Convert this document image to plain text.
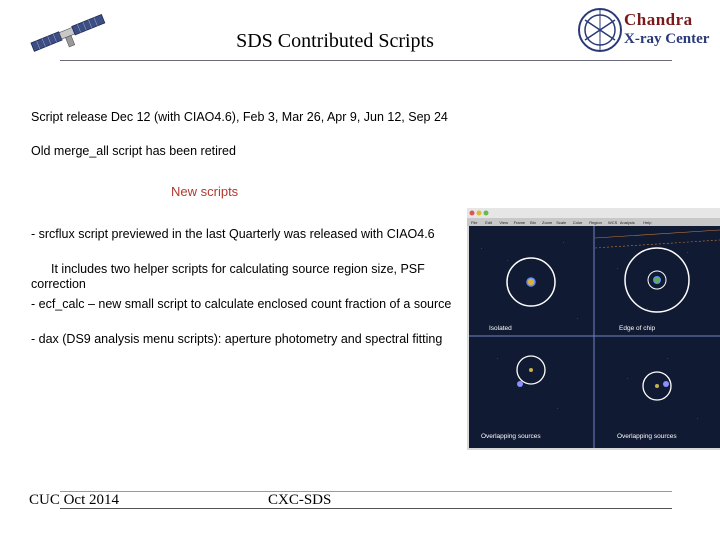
SDS Contributed Scripts
Chandra
X-ray Center
Script release Dec 12 (with CIAO4.6), Feb 3, Mar 26, Apr 9, Jun 12, Sep 24
Old merge_all script has been retired
New scripts
- srcflux script previewed in the last Quarterly was released with CIAO4.6
It includes two helper scripts for calculating source region size, PSF correction
- ecf_calc – new small script to calculate enclosed count fraction of a source
- dax (DS9 analysis menu scripts): aperture photometry and spectral fitting
File Edit View Frame Bin Zoom Scale Color Region WCS Analysis Help
Isolated	Edge of chip
Overlapping sources	Overlapping sources
CUC Oct 2014	CXC-SDS
